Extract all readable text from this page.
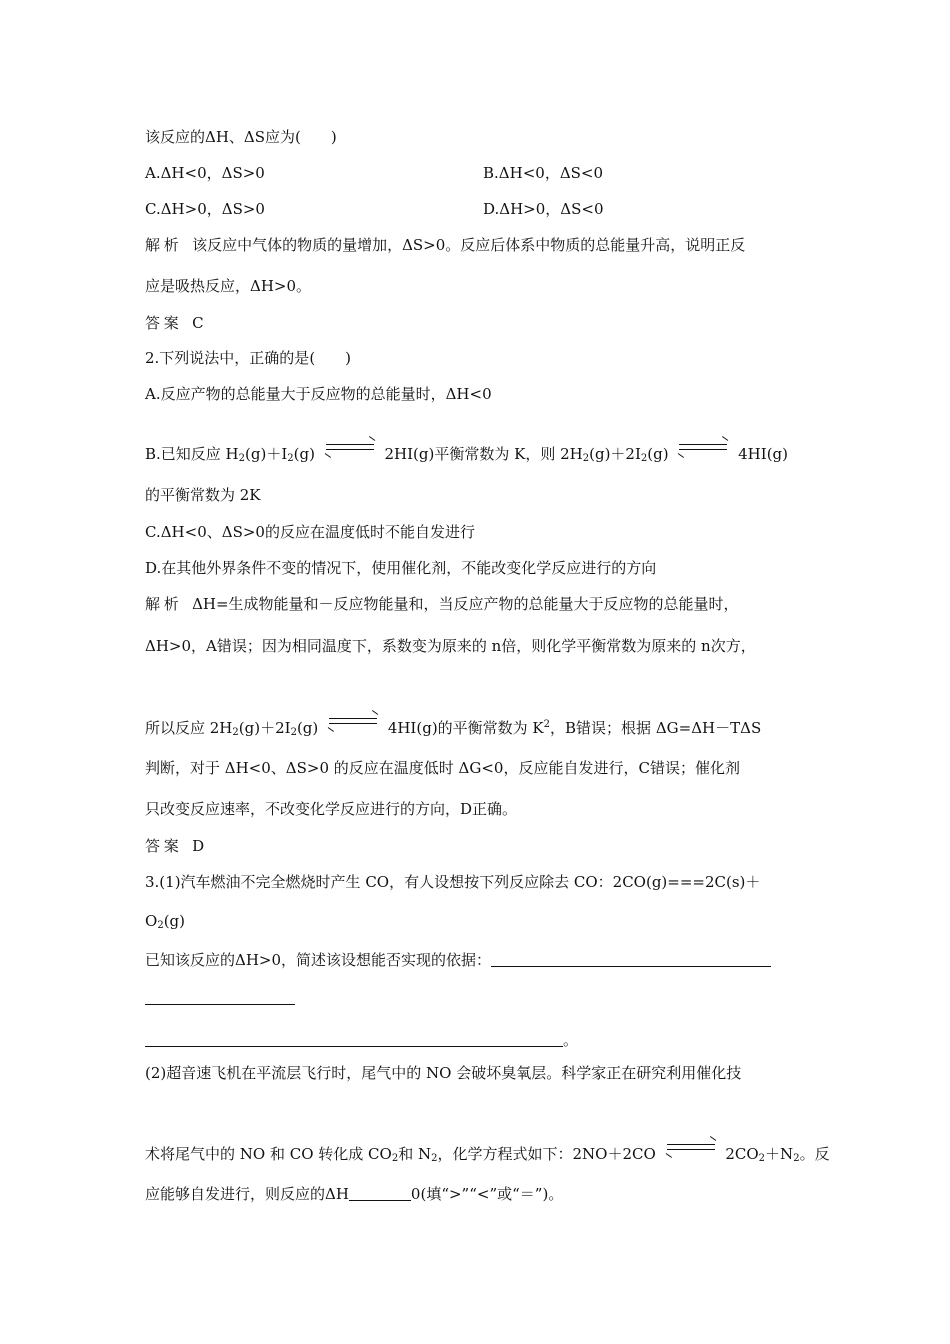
该反应的ΔH、ΔS应为(　　)
A.ΔH<0，ΔS>0	B.ΔH<0，ΔS<0
C.ΔH>0，ΔS>0	D.ΔH>0，ΔS<0
解析 该反应中气体的物质的量增加，ΔS>0。反应后体系中物质的总能量升高，说明正反
应是吸热反应，ΔH>0。
答案 C
2.下列说法中，正确的是(　　)
A.反应产物的总能量大于反应物的总能量时，ΔH<0
B.已知反应 $H_2(g)+I_2(g)$	2HI(g)平衡常数为 K，则 $2H_2(g)+2I_2(g)$	4HI(g)
的平衡常数为 2K
C.ΔH<0、ΔS>0的反应在温度低时不能自发进行
D.在其他外界条件不变的情况下，使用催化剂，不能改变化学反应进行的方向
解析 ΔH=生成物能量和－反应物能量和，当反应产物的总能量大于反应物的总能量时，
ΔH>0，A错误；因为相同温度下，系数变为原来的 n倍，则化学平衡常数为原来的 n次方，
所以反应 $2H_2(g)+2I_2(g)$	4HI(g)的平衡常数为 $K^2$，B错误；根据 ΔG=ΔH－TΔS
判断，对于 ΔH<0、ΔS>0 的反应在温度低时 ΔG<0，反应能自发进行，C错误；催化剂
只改变反应速率，不改变化学反应进行的方向，D正确。
答案 D
3.(1)汽车燃油不完全燃烧时产生 CO，有人设想按下列反应除去 CO：2CO(g)===2C(s)＋
$O_2(g)$
已知该反应的ΔH>0，简述该设想能否实现的依据：
。
(2)超音速飞机在平流层飞行时，尾气中的 NO 会破坏臭氧层。科学家正在研究利用催化技
术将尾气中的 NO 和 CO 转化成 $CO_2$和 $N_2$，化学方程式如下：2NO＋2CO	$2CO_2+N_2$。反
应能够自发进行，则反应的ΔH	0(填“>”“<”或“＝”)。
